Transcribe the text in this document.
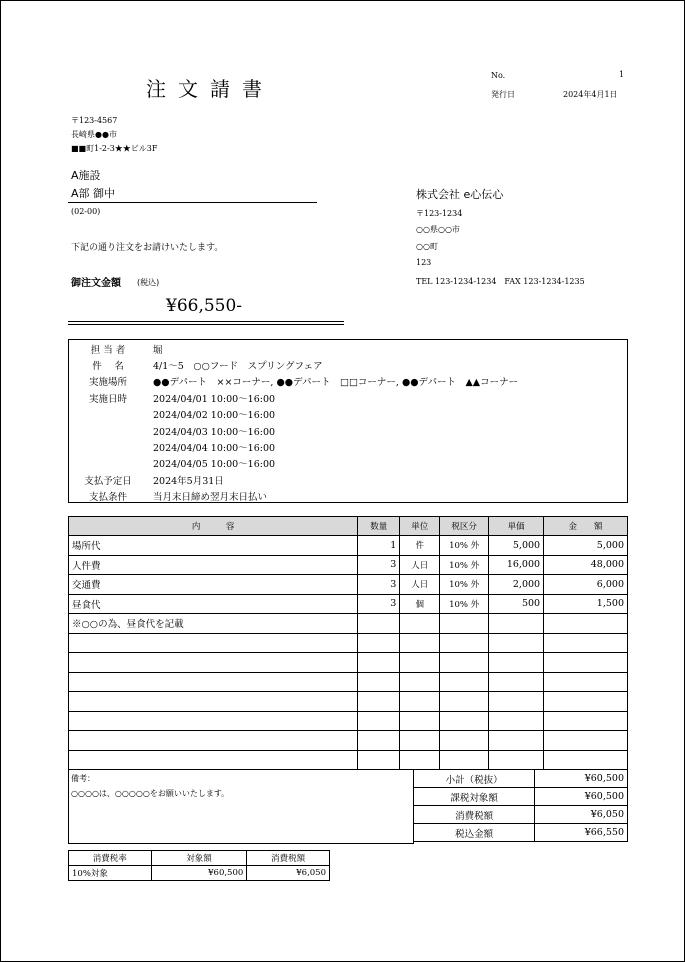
注文請書
No.	1
発行日	2024年4月1日
〒123-4567
長崎県●●市
■■町1-2-3★★ビル3F
A施設
A部 御中
(02-00)
下記の通り注文をお請けいたします。
御注文金額 (税込)
¥66,550-
株式会社 e心伝心
〒123-1234
○○県○○市
○○町
123
TEL 123-1234-1234　FAX 123-1234-1235
担 当 者	堀
件　 名	4/1～5　○○フード　スプリングフェア
実施場所	●●デパート　××コーナー, ●●デパート　□□コーナー, ●●デパート　▲▲コーナー
実施日時	2024/04/01 10:00～16:00
2024/04/02 10:00～16:00
2024/04/03 10:00～16:00
2024/04/04 10:00～16:00
2024/04/05 10:00～16:00
支払予定日	2024年5月31日
支払条件	当月末日締め翌月末日払い
内　　　容	数量	単位	税区分	単価	金　　額
場所代	1	件	10% 外	5,000	5,000
人件費	3	人日	10% 外	16,000	48,000
交通費	3	人日	10% 外	2,000	6,000
昼食代	3	個	10% 外	500	1,500
※○○の為、昼食代を記載					

備考：
○○○○は、○○○○○をお願いいたします。
小計（税抜）	¥60,500
課税対象額	¥60,500
消費税額	¥6,050
税込金額	¥66,550
消費税率	対象額	消費税額
10%対象	¥60,500	¥6,050
